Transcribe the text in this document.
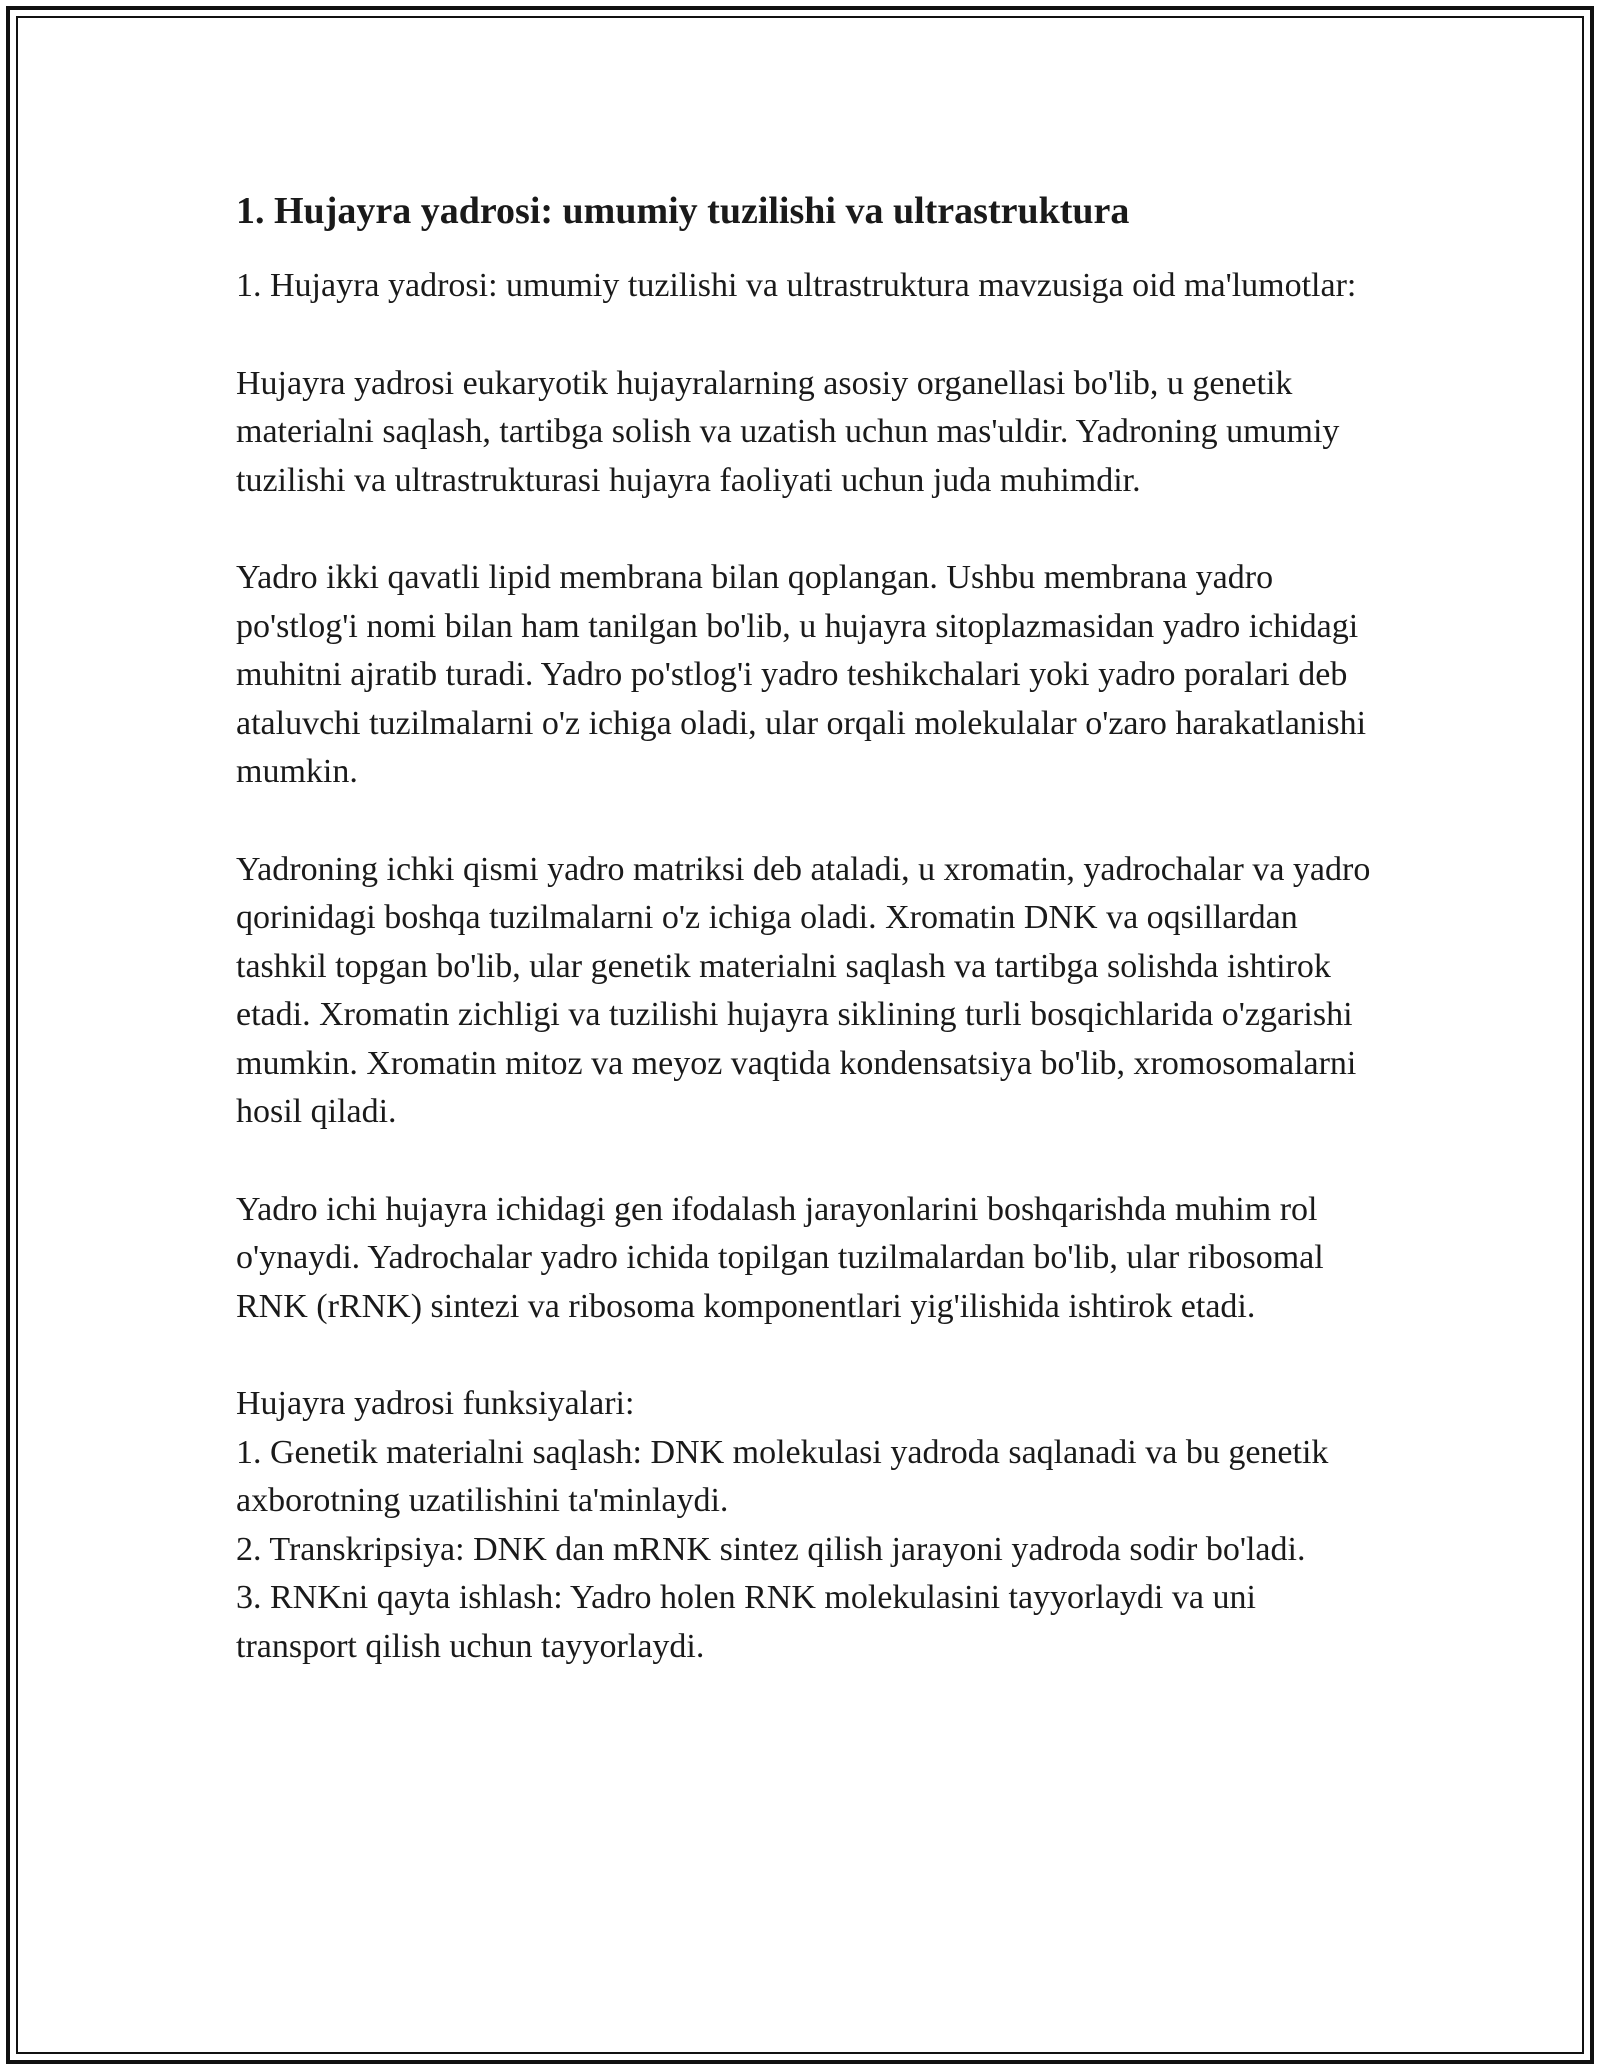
1. Hujayra yadrosi: umumiy tuzilishi va ultrastruktura

1. Hujayra yadrosi: umumiy tuzilishi va ultrastruktura mavzusiga oid ma'lumotlar:

Hujayra yadrosi eukaryotik hujayralarning asosiy organellasi bo'lib, u genetik materialni saqlash, tartibga solish va uzatish uchun mas'uldir. Yadroning umumiy tuzilishi va ultrastrukturasi hujayra faoliyati uchun juda muhimdir.

Yadro ikki qavatli lipid membrana bilan qoplangan. Ushbu membrana yadro po'stlog'i nomi bilan ham tanilgan bo'lib, u hujayra sitoplazmasidan yadro ichidagi muhitni ajratib turadi. Yadro po'stlog'i yadro teshikchalari yoki yadro poralari deb ataluvchi tuzilmalarni o'z ichiga oladi, ular orqali molekulalar o'zaro harakatlanishi mumkin.

Yadroning ichki qismi yadro matriksi deb ataladi, u xromatin, yadrochalar va yadro qorinidagi boshqa tuzilmalarni o'z ichiga oladi. Xromatin DNK va oqsillardan tashkil topgan bo'lib, ular genetik materialni saqlash va tartibga solishda ishtirok etadi. Xromatin zichligi va tuzilishi hujayra siklining turli bosqichlarida o'zgarishi mumkin. Xromatin mitoz va meyoz vaqtida kondensatsiya bo'lib, xromosomalarni hosil qiladi.

Yadro ichi hujayra ichidagi gen ifodalash jarayonlarini boshqarishda muhim rol o'ynaydi. Yadrochalar yadro ichida topilgan tuzilmalardan bo'lib, ular ribosomal RNK (rRNK) sintezi va ribosoma komponentlari yig'ilishida ishtirok etadi.

Hujayra yadrosi funksiyalari:
1. Genetik materialni saqlash: DNK molekulasi yadroda saqlanadi va bu genetik axborotning uzatilishini ta'minlaydi.
2. Transkripsiya: DNK dan mRNK sintez qilish jarayoni yadroda sodir bo'ladi.
3. RNKni qayta ishlash: Yadro holen RNK molekulasini tayyorlaydi va uni transport qilish uchun tayyorlaydi.
